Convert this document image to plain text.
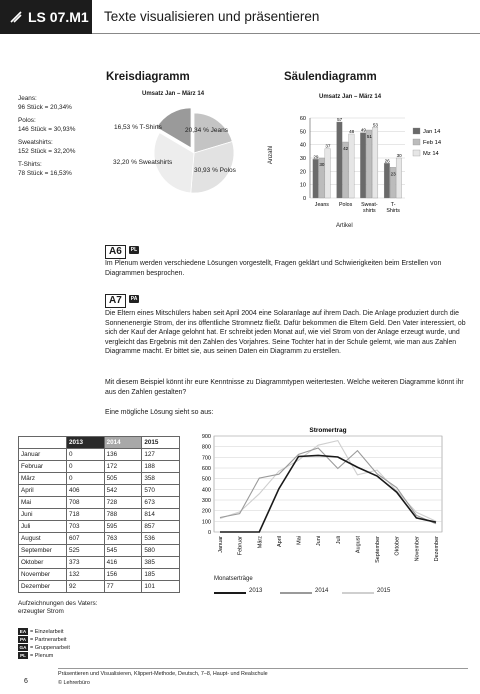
LS 07.M1 Texte visualisieren und präsentieren
Jeans:
96 Stück = 20,34%
Polos:
146 Stück = 30,93%
Sweatshirts:
152 Stück = 32,20%
T-Shirts:
78 Stück = 16,53%
Kreisdiagramm
Umsatz Jan – März 14
16,53 % T-Shirts	20,34 % Jeans
32,20 % Sweatshirts
30,93 % Polos
Säulendiagramm
Umsatz Jan – März 14
0
10
20
30
40
50
60
29
30
37
Jeans
57
42
48
Polos
49
51
53
Sweat-
shirts
26
23
30
T-
Shirts
Jan 14
Feb 14
Mz 14
Anzahl
Artikel
A6 PL
Im Plenum werden verschiedene Lösungen vorgestellt, Fragen geklärt und Schwierigkeiten beim Erstellen von Diagrammen besprochen.
A7 PA
Die Eltern eines Mitschülers haben seit April 2004 eine Solaranlage auf ihrem Dach. Die Anlage produziert durch die Sonnenenergie Strom, der ins öffentliche Stromnetz fließt. Dafür bekommen die Eltern Geld. Den Vater interessiert, ob sich der Kauf der Anlage gelohnt hat. Er schreibt jeden Monat auf, wie viel Strom von der Anlage erzeugt wurde, und vergleicht das Ergebnis mit den Zahlen des Vorjahres. Seine Tochter hat in der Schule gelernt, wie man aus Zahlen Diagramme macht. Er bittet sie, aus seinen Daten ein Diagramm zu erstellen.
Mit diesem Beispiel könnt ihr eure Kenntnisse zu Diagrammtypen weitertesten. Welche weiteren Diagramme könnt ihr aus den Zahlen gestalten?
Eine mögliche Lösung sieht so aus:
	2013	2014	2015
Januar	0	136	127
Februar	0	172	188
März	0	505	358
April	406	542	570
Mai	708	728	673
Juni	718	788	814
Juli	703	595	857
August	607	763	536
September	525	545	580
Oktober	373	416	385
November	132	156	185
Dezember	92	77	101
Aufzeichnungen des Vaters: erzeugter Strom
EA = Einzelarbeit
PA = Partnerarbeit
GA = Gruppenarbeit
PL = Plenum
0
100
200
300
400
500
600
700
800
900
Stromertrag
Januar Februar März April Mai Juni Juli August September Oktober November Dezember
Monatserträge
2013	2014	2015
6
Präsentieren und Visualisieren, Klippert-Methode, Deutsch, 7–8, Haupt- und Realschule
© Lehrerbüro
